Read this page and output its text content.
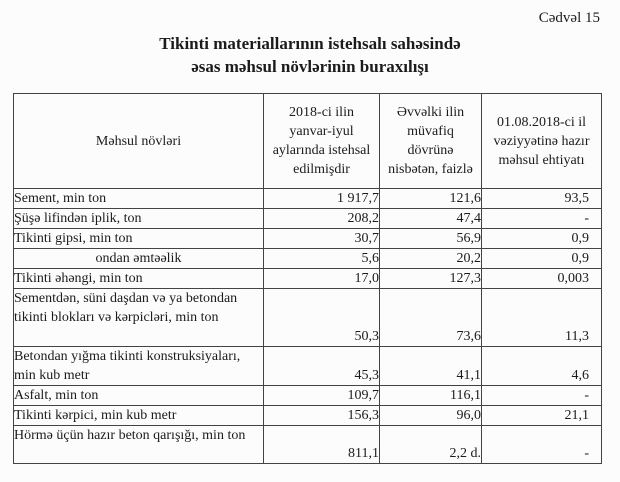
Cədvəl 15
Tikinti materiallarının istehsalı sahəsində
əsas məhsul növlərinin buraxılışı
Məhsul növləri	2018-ci ilin yanvar-iyul aylarında istehsal edilmişdir	Əvvəlki ilin müvafiq dövrünə nisbətən, faizlə	01.08.2018-ci il vəziyyətinə hazır məhsul ehtiyatı
Sement, min ton	1 917,7	121,6	93,5
Şüşə lifindən iplik, ton	208,2	47,4	-
Tikinti gipsi, min ton	30,7	56,9	0,9
ondan əmtəəlik	5,6	20,2	0,9
Tikinti əhəngi, min ton	17,0	127,3	0,003
Sementdən, süni daşdan və ya betondan tikinti blokları və kərpicləri, min ton	50,3	73,6	11,3
Betondan yığma tikinti konstruksiyaları, min kub metr	45,3	41,1	4,6
Asfalt, min ton	109,7	116,1	-
Tikinti kərpici, min kub metr	156,3	96,0	21,1
Hörmə üçün hazır beton qarışığı, min ton	811,1	2,2 d.	-
